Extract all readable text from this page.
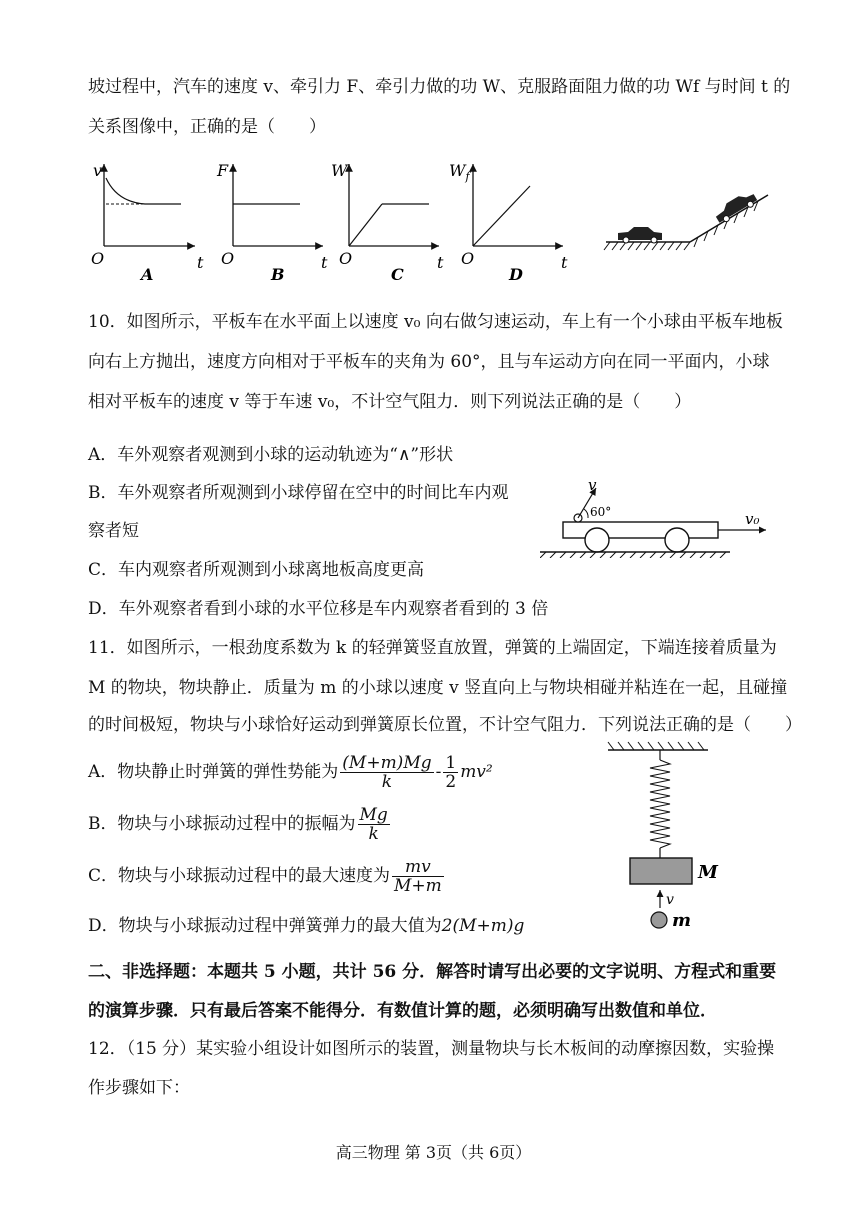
坡过程中，汽车的速度 v、牵引力 F、牵引力做的功 W、克服路面阻力做的功 Wf 与时间 t 的
关系图像中，正确的是（　　）
v
O	t
A
F
O	t
B
W
O	t
C
$W_f$
O	t
D
10．如图所示，平板车在水平面上以速度 v₀ 向右做匀速运动，车上有一个小球由平板车地板
向右上方抛出，速度方向相对于平板车的夹角为 60°，且与车运动方向在同一平面内，小球
相对平板车的速度 v 等于车速 v₀，不计空气阻力．则下列说法正确的是（　　）
A．车外观察者观测到小球的运动轨迹为“∧”形状
B．车外观察者所观测到小球停留在空中的时间比车内观
察者短
C．车内观察者所观测到小球离地板高度更高
D．车外观察者看到小球的水平位移是车内观察者看到的 3 倍
v
60°	v₀
11．如图所示，一根劲度系数为 k 的轻弹簧竖直放置，弹簧的上端固定，下端连接着质量为
M 的物块，物块静止．质量为 m 的小球以速度 v 竖直向上与物块相碰并粘连在一起，且碰撞
的时间极短，物块与小球恰好运动到弹簧原长位置，不计空气阻力．下列说法正确的是（　　）
A．物块静止时弹簧的弹性势能为 $\frac{(M+m)Mg}{k} - \frac{1}{2} mv^2$
B．物块与小球振动过程中的振幅为 $\frac{Mg}{k}$
C．物块与小球振动过程中的最大速度为 $\frac{mv}{M+m}$
D．物块与小球振动过程中弹簧弹力的最大值为2(M+m)g
M
v
m
二、非选择题：本题共 5 小题，共计 56 分．解答时请写出必要的文字说明、方程式和重要
的演算步骤．只有最后答案不能得分．有数值计算的题，必须明确写出数值和单位．
12．（15 分）某实验小组设计如图所示的装置，测量物块与长木板间的动摩擦因数，实验操
作步骤如下：
高三物理 第 3页（共 6页）
